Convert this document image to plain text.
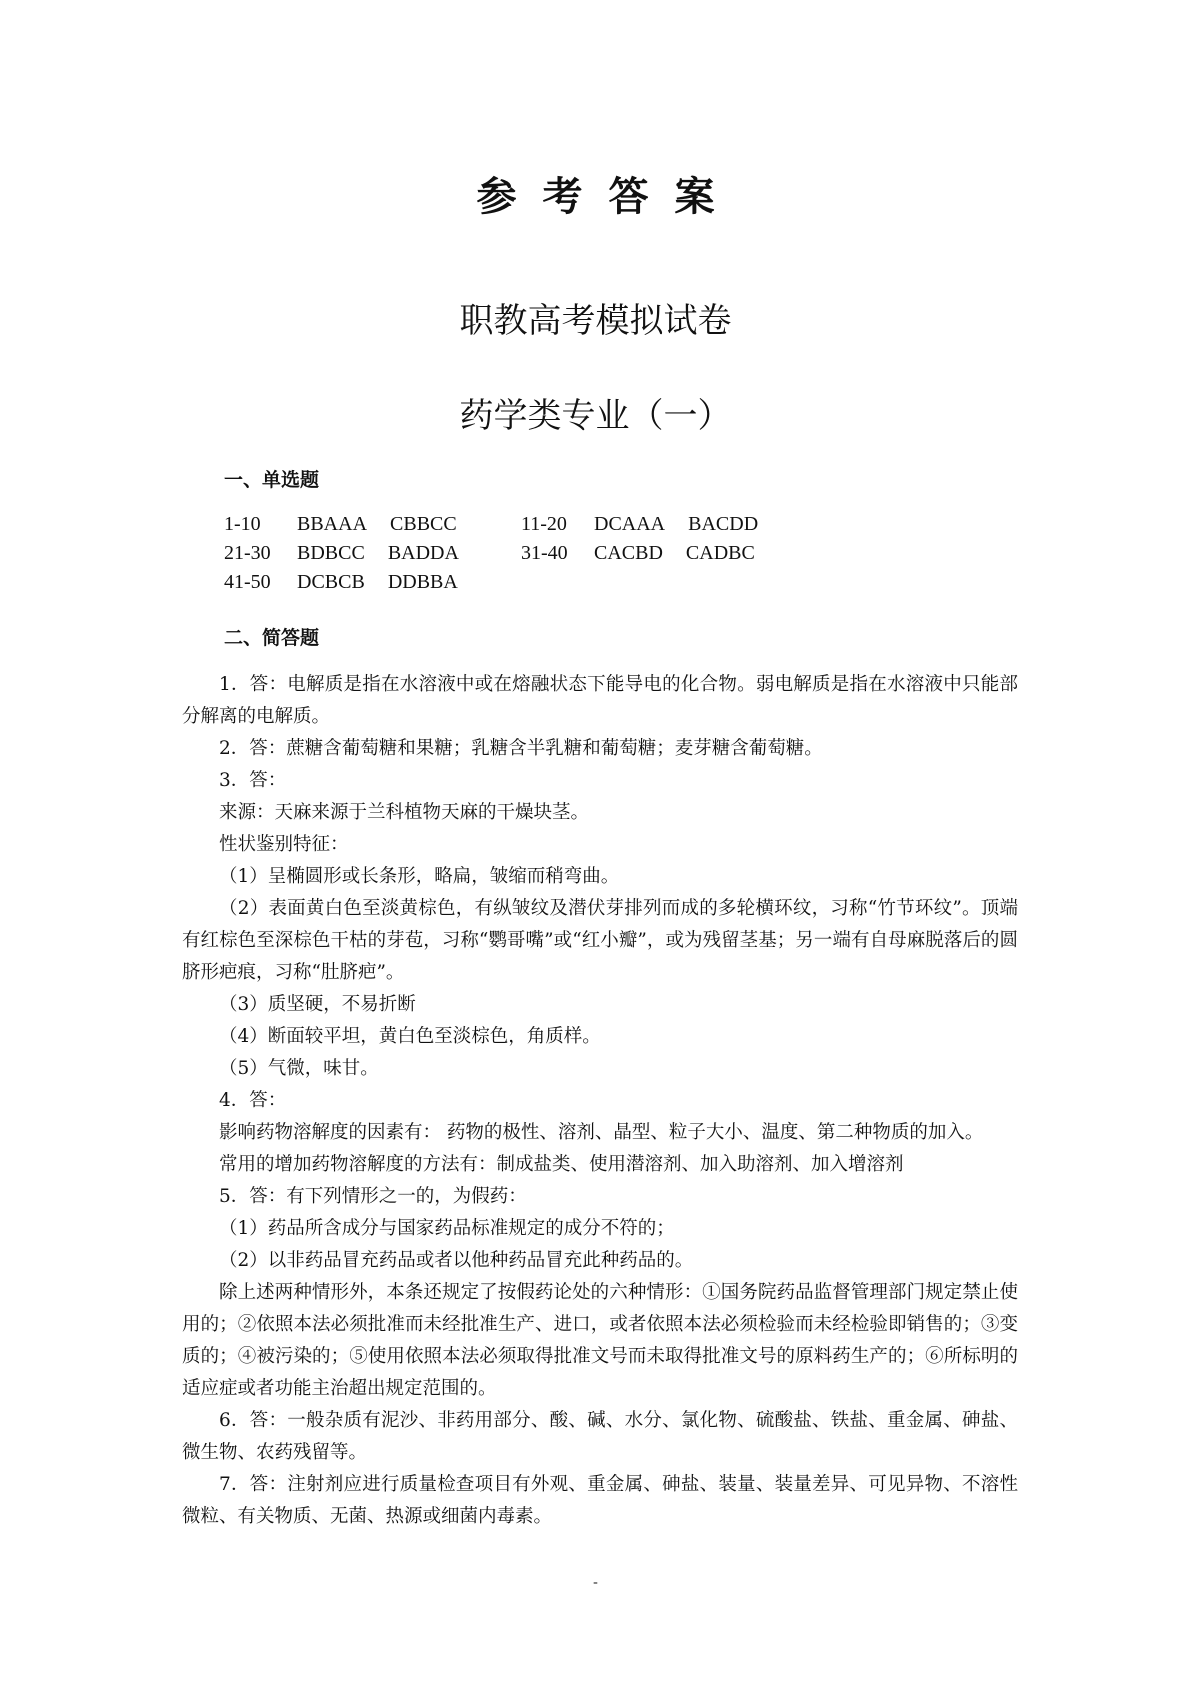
参考答案
职教高考模拟试卷
药学类专业（一）
一、单选题
1-10 BBAAA CBBCC	11-20 DCAAA BACDD
21-30 BDBCC BADDA	31-40 CACBD CADBC
41-50 DCBCB DDBBA
二、简答题

1．答：电解质是指在水溶液中或在熔融状态下能导电的化合物。弱电解质是指在水溶液中只能部分解离的电解质。

2．答：蔗糖含葡萄糖和果糖；乳糖含半乳糖和葡萄糖；麦芽糖含葡萄糖。

3．答：

来源：天麻来源于兰科植物天麻的干燥块茎。

性状鉴别特征：

（1）呈椭圆形或长条形，略扁，皱缩而稍弯曲。

（2）表面黄白色至淡黄棕色，有纵皱纹及潜伏芽排列而成的多轮横环纹，习称“竹节环纹”。顶端有红棕色至深棕色干枯的芽苞，习称“鹦哥嘴”或“红小瓣”，或为残留茎基；另一端有自母麻脱落后的圆脐形疤痕，习称“肚脐疤”。

（3）质坚硬，不易折断

（4）断面较平坦，黄白色至淡棕色，角质样。

（5）气微，味甘。

4．答：

影响药物溶解度的因素有： 药物的极性、溶剂、晶型、粒子大小、温度、第二种物质的加入。

常用的增加药物溶解度的方法有：制成盐类、使用潜溶剂、加入助溶剂、加入增溶剂

5．答：有下列情形之一的，为假药：

（1）药品所含成分与国家药品标准规定的成分不符的；

（2）以非药品冒充药品或者以他种药品冒充此种药品的。

除上述两种情形外，本条还规定了按假药论处的六种情形：①国务院药品监督管理部门规定禁止使用的；②依照本法必须批准而未经批准生产、进口，或者依照本法必须检验而未经检验即销售的；③变质的；④被污染的；⑤使用依照本法必须取得批准文号而未取得批准文号的原料药生产的；⑥所标明的适应症或者功能主治超出规定范围的。

6．答：一般杂质有泥沙、非药用部分、酸、碱、水分、氯化物、硫酸盐、铁盐、重金属、砷盐、微生物、农药残留等。

7．答：注射剂应进行质量检查项目有外观、重金属、砷盐、装量、装量差异、可见异物、不溶性微粒、有关物质、无菌、热源或细菌内毒素。

-
